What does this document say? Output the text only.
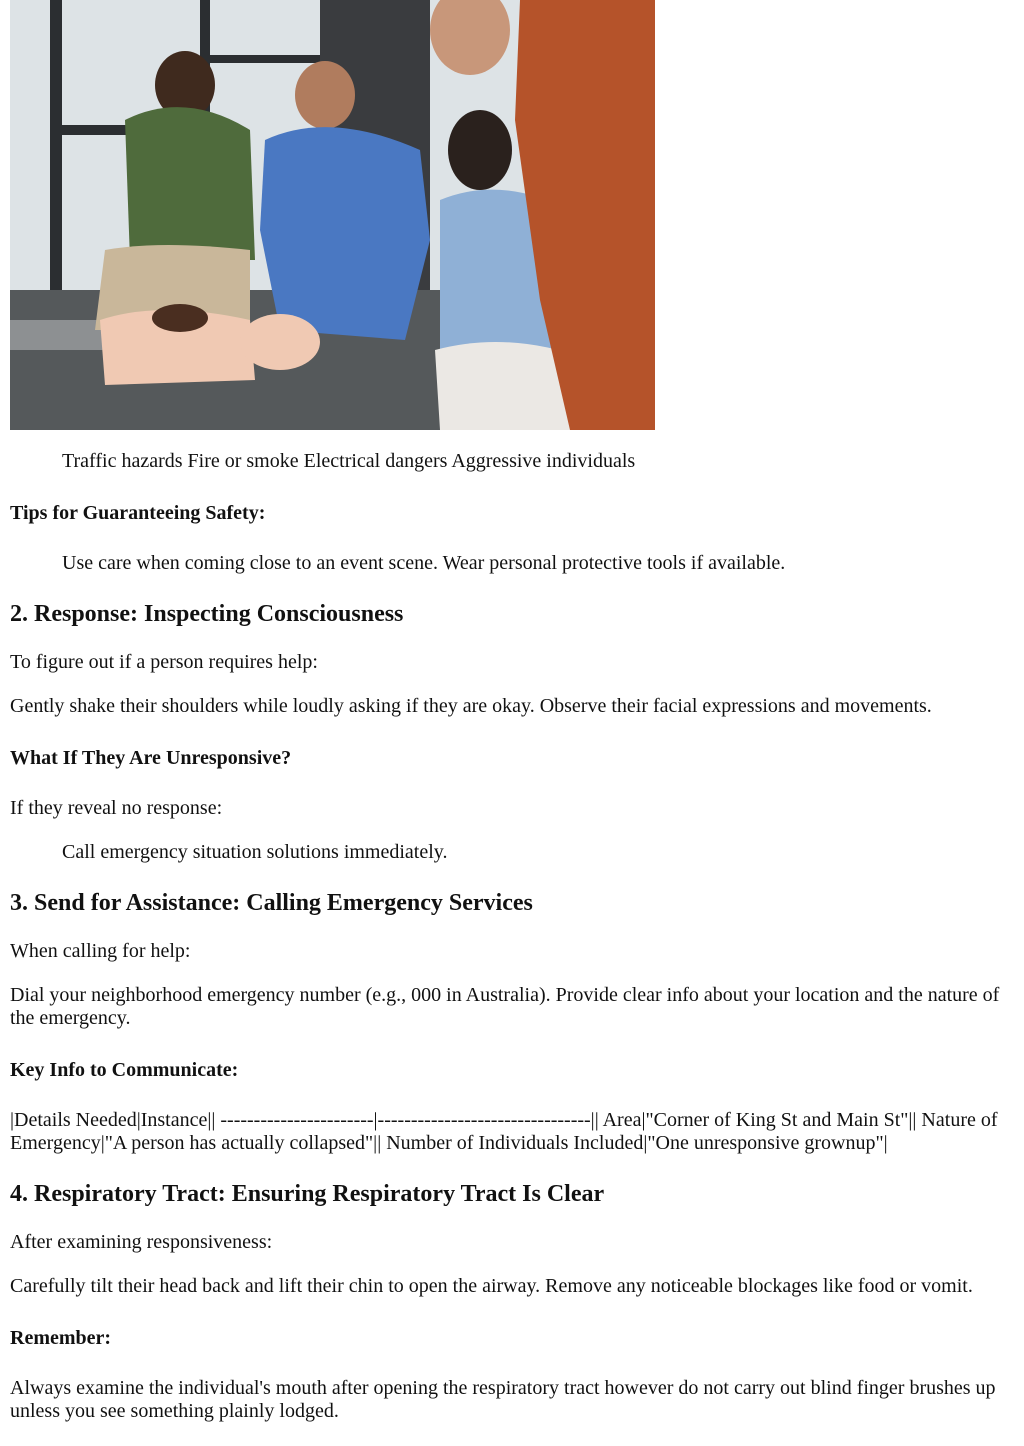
Traffic hazards Fire or smoke Electrical dangers Aggressive individuals

Tips for Guaranteeing Safety:

Use care when coming close to an event scene. Wear personal protective tools if available.

2. Response: Inspecting Consciousness

To figure out if a person requires help:

Gently shake their shoulders while loudly asking if they are okay. Observe their facial expressions and movements.

What If They Are Unresponsive?

If they reveal no response:

Call emergency situation solutions immediately.

3. Send for Assistance: Calling Emergency Services

When calling for help:

Dial your neighborhood emergency number (e.g., 000 in Australia). Provide clear info about your location and the nature of the emergency.

Key Info to Communicate:

|Details Needed|Instance|| -----------------------|--------------------------------|| Area|"Corner of King St and Main St"|| Nature of Emergency|"A person has actually collapsed"|| Number of Individuals Included|"One unresponsive grownup"|

4. Respiratory Tract: Ensuring Respiratory Tract Is Clear

After examining responsiveness:

Carefully tilt their head back and lift their chin to open the airway. Remove any noticeable blockages like food or vomit.

Remember:

Always examine the individual's mouth after opening the respiratory tract however do not carry out blind finger brushes up unless you see something plainly lodged.
